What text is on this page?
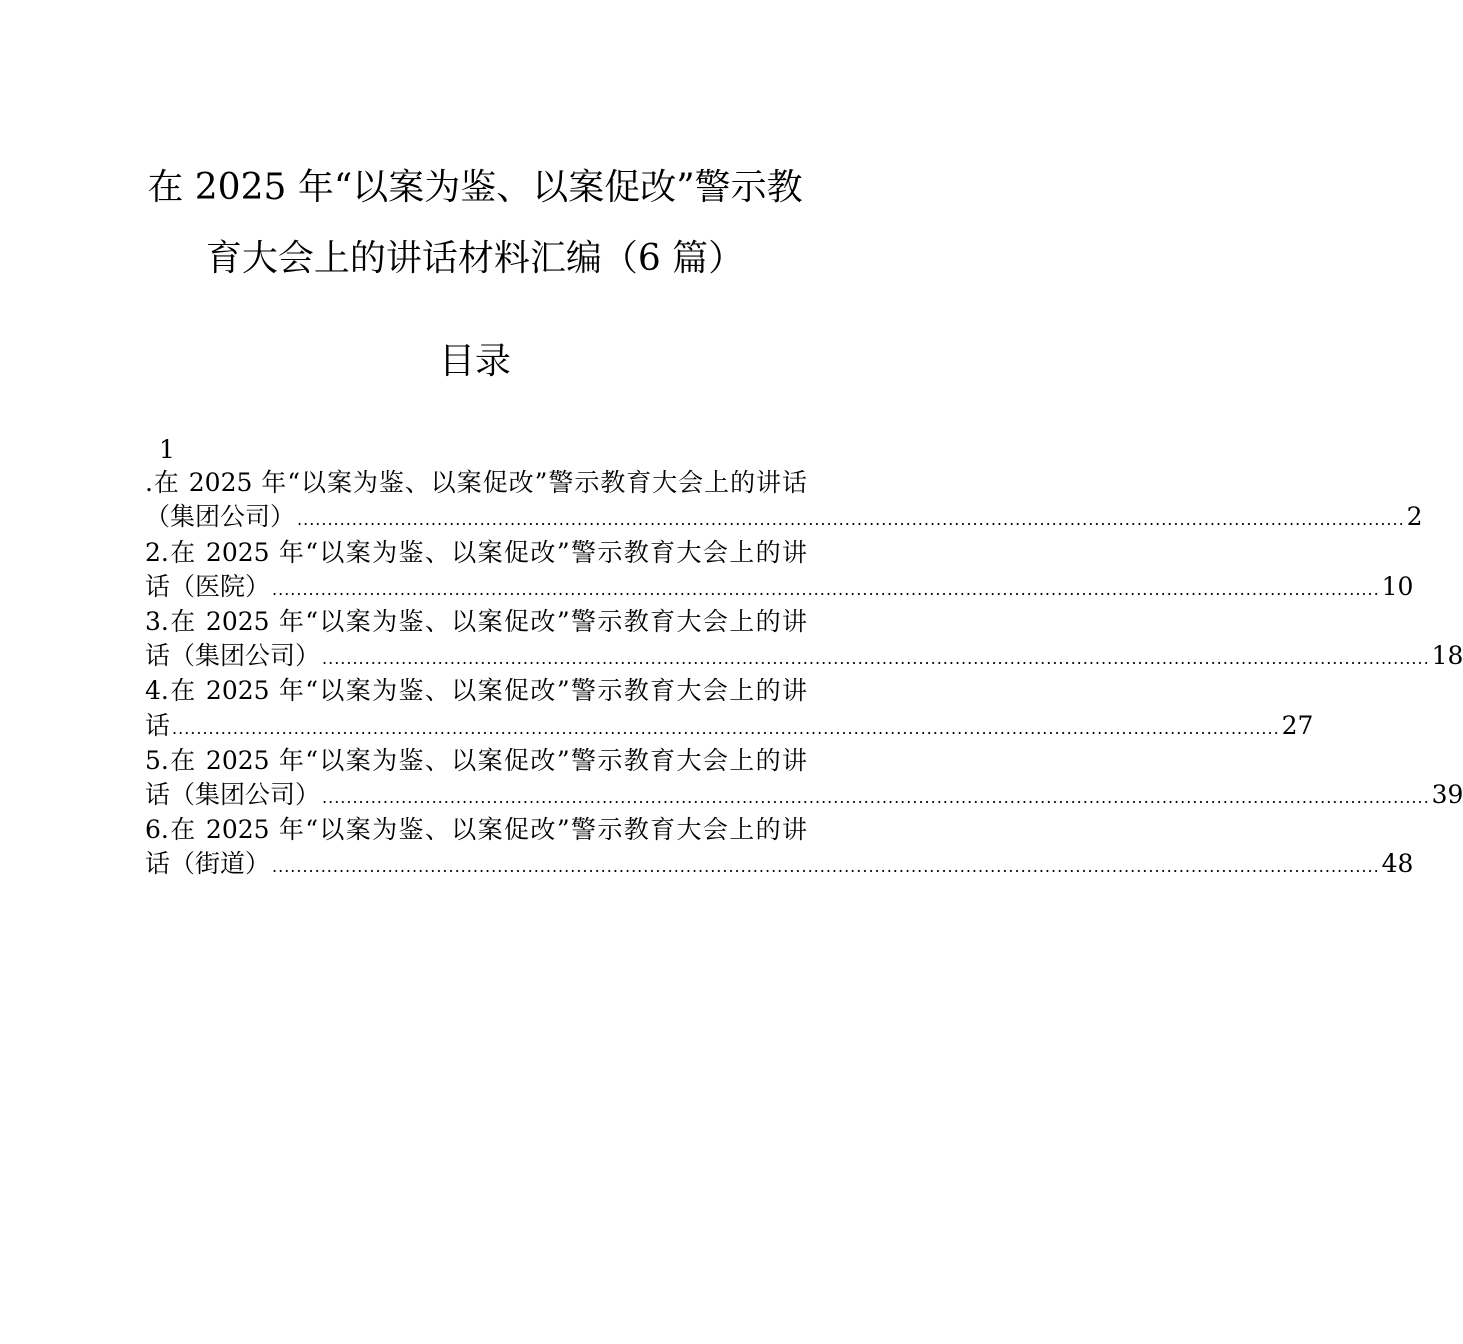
在 2025 年“以案为鉴、以案促改”警示教
育大会上的讲话材料汇编（6 篇）
目录
1
.在 2025 年“以案为鉴、以案促改”警示教育大会上的讲话
（集团公司） ...................................................................................................................................................................................... 2
2.在 2025 年“以案为鉴、以案促改”警示教育大会上的讲
话（医院） ...................................................................................................................................................................................... 10
3.在 2025 年“以案为鉴、以案促改”警示教育大会上的讲
话（集团公司） ...................................................................................................................................................................................... 18
4.在 2025 年“以案为鉴、以案促改”警示教育大会上的讲
话 ...................................................................................................................................................................................... 27
5.在 2025 年“以案为鉴、以案促改”警示教育大会上的讲
话（集团公司） ...................................................................................................................................................................................... 39
6.在 2025 年“以案为鉴、以案促改”警示教育大会上的讲
话（街道） ...................................................................................................................................................................................... 48
